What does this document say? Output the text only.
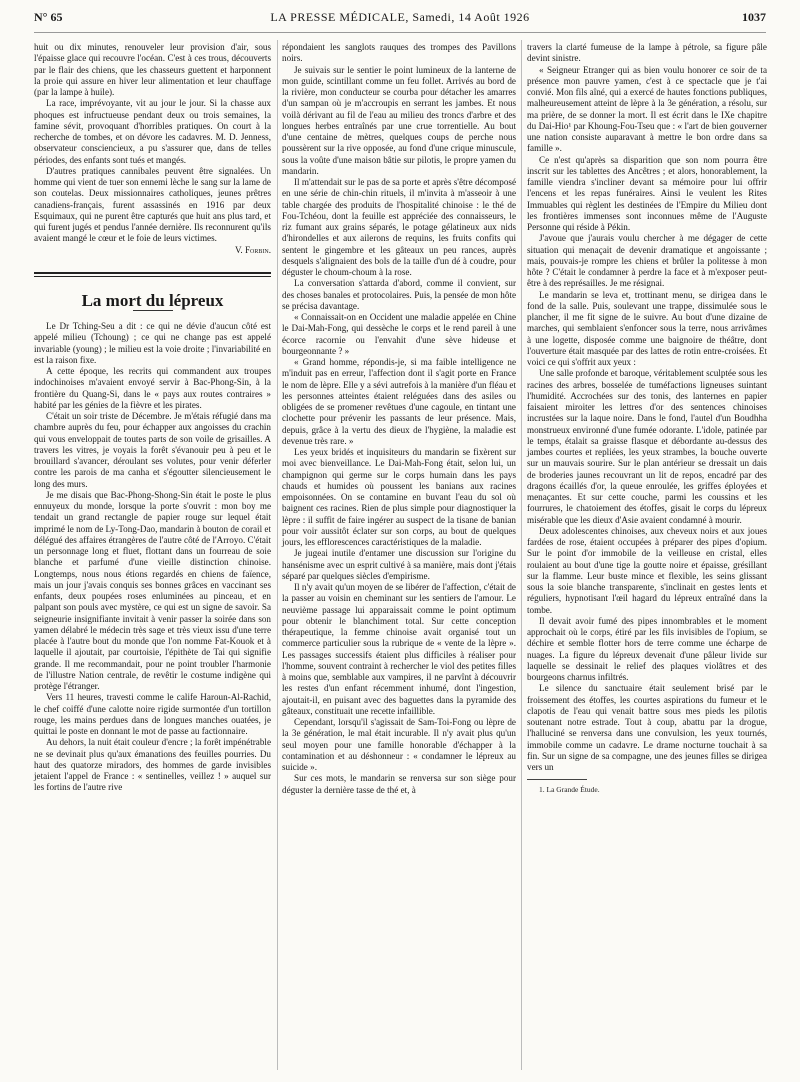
N° 65	LA PRESSE MÉDICALE, Samedi, 14 Août 1926	1037

huit ou dix minutes, renouveler leur provision d'air, sous l'épaisse glace qui recouvre l'océan. C'est à ces trous, découverts par le flair des chiens, que les chasseurs guettent et harponnent la proie qui assure en hiver leur alimentation et leur chauffage (par la lampe à huile).

La race, imprévoyante, vit au jour le jour. Si la chasse aux phoques est infructueuse pendant deux ou trois semaines, la famine sévit, provoquant d'horribles pratiques. On court à la recherche de tombes, et on dévore les cadavres. M. D. Jenness, observateur consciencieux, a pu s'assurer que, dans de telles périodes, des enfants sont tués et mangés.

D'autres pratiques cannibales peuvent être signalées. Un homme qui vient de tuer son ennemi lèche le sang sur la lame de son coutelas. Deux missionnaires catholiques, jeunes prêtres canadiens-français, furent assassinés en 1916 par deux Esquimaux, qui ne purent être capturés que huit ans plus tard, et qui furent jugés et pendus l'année dernière. Ils reconnurent qu'ils avaient mangé le cœur et le foie de leurs victimes.

V. Forbin.

La mort du lépreux

Le Dr Tching-Seu a dit : ce qui ne dévie d'aucun côté est appelé milieu (Tchoung) ; ce qui ne change pas est appelé invariable (young) ; le milieu est la voie droite ; l'invariabilité en est la raison fixe.

A cette époque, les recrits qui commandent aux troupes indochinoises m'avaient envoyé servir à Bac-Phong-Sin, à la frontière du Quang-Si, dans le « pays aux routes contraires » habité par les génies de la fièvre et les pirates.

C'était un soir triste de Décembre. Je m'étais réfugié dans ma chambre auprès du feu, pour échapper aux angoisses du crachin qui vous enveloppait de toutes parts de son voile de grisailles. A travers les vitres, je voyais la forêt s'évanouir peu à peu et le brouillard s'avancer, déroulant ses volutes, pour venir déferler contre les parois de ma canha et s'égoutter silencieusement le long des murs.

Je me disais que Bac-Phong-Shong-Sin était le poste le plus ennuyeux du monde, lorsque la porte s'ouvrit : mon boy me tendait un grand rectangle de papier rouge sur lequel était imprimé le nom de Ly-Tong-Dao, mandarin à bouton de corail et délégué des affaires étrangères de l'autre côté de l'Arroyo. C'était un personnage long et fluet, flottant dans un fourreau de soie blanche et parfumé d'une vieille distinction chinoise. Longtemps, nous nous étions regardés en chiens de faïence, mais un jour j'avais conquis ses bonnes grâces en vaccinant ses enfants, deux poupées roses enluminées au pinceau, et en palpant son pouls avec mystère, ce qui est un signe de savoir. Sa seigneurie insignifiante invitait à venir passer la soirée dans son yamen délabré le médecin très sage et très vieux issu d'une terre placée à l'autre bout du monde que l'on nomme Fat-Kouok et à laquelle il ajoutait, par courtoisie, l'épithète de Tai qui signifie grande. Il me recommandait, pour ne point troubler l'harmonie de l'illustre Nation centrale, de revêtir le costume indigène qui protège l'étranger.

Vers 11 heures, travesti comme le calife Haroun-Al-Rachid, le chef coiffé d'une calotte noire rigide surmontée d'un tortillon rouge, les mains perdues dans de longues manches ouatées, je quittai le poste en donnant le mot de passe au factionnaire.

Au dehors, la nuit était couleur d'encre ; la forêt impénétrable ne se devinait plus qu'aux émanations des feuilles pourries. Du haut des quatorze miradors, des hommes de garde invisibles jetaient l'appel de France : « sentinelles, veillez ! » auquel sur les fortins de l'autre rive

répondaient les sanglots rauques des trompes des Pavillons noirs.

Je suivais sur le sentier le point lumineux de la lanterne de mon guide, scintillant comme un feu follet. Arrivés au bord de la rivière, mon conducteur se courba pour détacher les amarres d'un sampan où je m'accroupis en serrant les jambes. Et nous voilà dérivant au fil de l'eau au milieu des troncs d'arbre et des longues herbes entraînés par une crue torrentielle. Au bout d'une centaine de mètres, quelques coups de perche nous poussèrent sur la rive opposée, au fond d'une crique minuscule, sous la voûte d'une maison bâtie sur pilotis, le propre yamen du mandarin.

Il m'attendait sur le pas de sa porte et après s'être décomposé en une série de chin-chin rituels, il m'invita à m'asseoir à une table chargée des produits de l'hospitalité chinoise : le thé de Fou-Tchéou, dont la feuille est appréciée des connaisseurs, le riz fumant aux grains séparés, le potage gélatineux aux nids d'hirondelles et aux ailerons de requins, les fruits confits qui sentent le gingembre et les gâteaux un peu rances, auprès desquels s'alignaient des bols de la taille d'un dé à coudre, pour déguster le choum-choum à la rose.

La conversation s'attarda d'abord, comme il convient, sur des choses banales et protocolaires. Puis, la pensée de mon hôte se précisa davantage.

« Connaissait-on en Occident une maladie appelée en Chine le Dai-Mah-Fong, qui dessèche le corps et le rend pareil à une écorce racornie ou l'envahit d'une sève hideuse et bourgeonnante ? »

« Grand homme, répondis-je, si ma faible intelligence ne m'induit pas en erreur, l'affection dont il s'agit porte en France le nom de lèpre. Elle y a sévi autrefois à la manière d'un fléau et les personnes atteintes étaient reléguées dans des asiles ou obligées de se promener revêtues d'une cagoule, en tintant une clochette pour prévenir les passants de leur présence. Mais, depuis, grâce à la vertu des dieux de l'hygiène, la maladie est devenue très rare. »

Les yeux bridés et inquisiteurs du mandarin se fixèrent sur moi avec bienveillance. Le Dai-Mah-Fong était, selon lui, un champignon qui germe sur le corps humain dans les pays chauds et humides où poussent les banians aux racines empoisonnées. On se contamine en buvant l'eau du sol où baignent ces racines. Rien de plus simple pour diagnostiquer la lèpre : il suffit de faire ingérer au suspect de la tisane de banian pour voir aussitôt éclater sur son corps, au bout de quelques jours, les efflorescences caractéristiques de la maladie.

Je jugeai inutile d'entamer une discussion sur l'origine du hansénisme avec un esprit cultivé à sa manière, mais dont j'étais séparé par quelques siècles d'empirisme.

Il n'y avait qu'un moyen de se libérer de l'affection, c'était de la passer au voisin en cheminant sur les sentiers de l'amour. Le neuvième passage lui apparaissait comme le point optimum pour obtenir le blanchiment total. Sur cette conception thérapeutique, la femme chinoise avait organisé tout un commerce particulier sous la rubrique de « vente de la lèpre ». Les passages successifs étaient plus difficiles à réaliser pour l'homme, souvent contraint à rechercher le viol des petites filles à moins que, semblable aux vampires, il ne parvînt à découvrir les restes d'un enfant récemment inhumé, dont l'ingestion, ajoutait-il, en puisant avec des baguettes dans la pyramide des gâteaux, constituait une recette infaillible.

Cependant, lorsqu'il s'agissait de Sam-Toi-Fong ou lèpre de la 3e génération, le mal était incurable. Il n'y avait plus qu'un seul moyen pour une famille honorable d'échapper à la contamination et au déshonneur : « condamner le lépreux au suicide ».

Sur ces mots, le mandarin se renversa sur son siège pour déguster la dernière tasse de thé et, à

travers la clarté fumeuse de la lampe à pétrole, sa figure pâle devint sinistre.

« Seigneur Etranger qui as bien voulu honorer ce soir de ta présence mon pauvre yamen, c'est à ce spectacle que je t'ai convié. Mon fils aîné, qui a exercé de hautes fonctions publiques, malheureusement atteint de lèpre à la 3e génération, a résolu, sur ma prière, de se donner la mort. Il est écrit dans le IXe chapitre du Dai-Hio¹ par Khoung-Fou-Tseu que : « l'art de bien gouverner une nation consiste auparavant à mettre le bon ordre dans sa famille ».

Ce n'est qu'après sa disparition que son nom pourra être inscrit sur les tablettes des Ancêtres ; et alors, honorablement, la famille viendra s'incliner devant sa mémoire pour lui offrir l'encens et les repas funéraires. Ainsi le veulent les Rites Immuables qui règlent les destinées de l'Empire du Milieu dont les frontières immenses sont inconnues même de l'Auguste Personne qui réside à Pékin.

J'avoue que j'aurais voulu chercher à me dégager de cette situation qui menaçait de devenir dramatique et angoissante ; mais, pouvais-je rompre les chiens et brûler la politesse à mon hôte ? C'était le condamner à perdre la face et à m'exposer peut-être à des représailles. Je me résignai.

Le mandarin se leva et, trottinant menu, se dirigea dans le fond de la salle. Puis, soulevant une trappe, dissimulée sous le plancher, il me fit signe de le suivre. Au bout d'une dizaine de marches, qui semblaient s'enfoncer sous la terre, nous arrivâmes à une logette, disposée comme une baignoire de théâtre, dont l'ouverture était masquée par des lattes de rotin entre-croisées. Et voici ce qui s'offrit aux yeux :

Une salle profonde et baroque, véritablement sculptée sous les racines des arbres, bosselée de tuméfactions ligneuses suintant l'humidité. Accrochées sur des tonis, des lanternes en papier faisaient miroiter les lettres d'or des sentences chinoises incrustées sur la laque noire. Dans le fond, l'autel d'un Boudhha monstrueux environné d'une fumée odorante. L'idole, patinée par le temps, étalait sa graisse flasque et débordante au-dessus des jambes courtes et repliées, les yeux strambes, la bouche ouverte sur un mauvais sourire. Sur le plan antérieur se dressait un dais de broderies jaunes recouvrant un lit de repos, encadré par des dragons écaillés d'or, la queue enroulée, les griffes éployées et menaçantes. Et sur cette couche, parmi les coussins et les fourrures, le chatoiement des étoffes, gisait le corps du lépreux misérable que les dieux d'Asie avaient condamné à mourir.

Deux adolescentes chinoises, aux cheveux noirs et aux joues fardées de rose, étaient occupées à préparer des pipes d'opium. Sur le point d'or immobile de la veilleuse en cristal, elles roulaient au bout d'une tige la goutte noire et épaisse, grésillant sur la flamme. Leur buste mince et flexible, les seins glissant sous la soie blanche transparente, s'inclinait en gestes lents et réguliers, hypnotisant l'œil hagard du lépreux entraîné dans la tombe.

Il devait avoir fumé des pipes innombrables et le moment approchait où le corps, étiré par les fils invisibles de l'opium, se déchire et semble flotter hors de terre comme une écharpe de nuages. La figure du lépreux devenait d'une pâleur livide sur laquelle se dessinait le relief des plaques violâtres et des bourgeons charnus infiltrés.

Le silence du sanctuaire était seulement brisé par le froissement des étoffes, les courtes aspirations du fumeur et le clapotis de l'eau qui venait battre sous mes pieds les pilotis soutenant notre estrade. Tout à coup, abattu par la drogue, l'halluciné se renversa dans une convulsion, les yeux tournés, immobile comme un cadavre. Le drame nocturne touchait à sa fin. Sur un signe de sa compagne, une des jeunes filles se dirigea vers un

1. La Grande Étude.
